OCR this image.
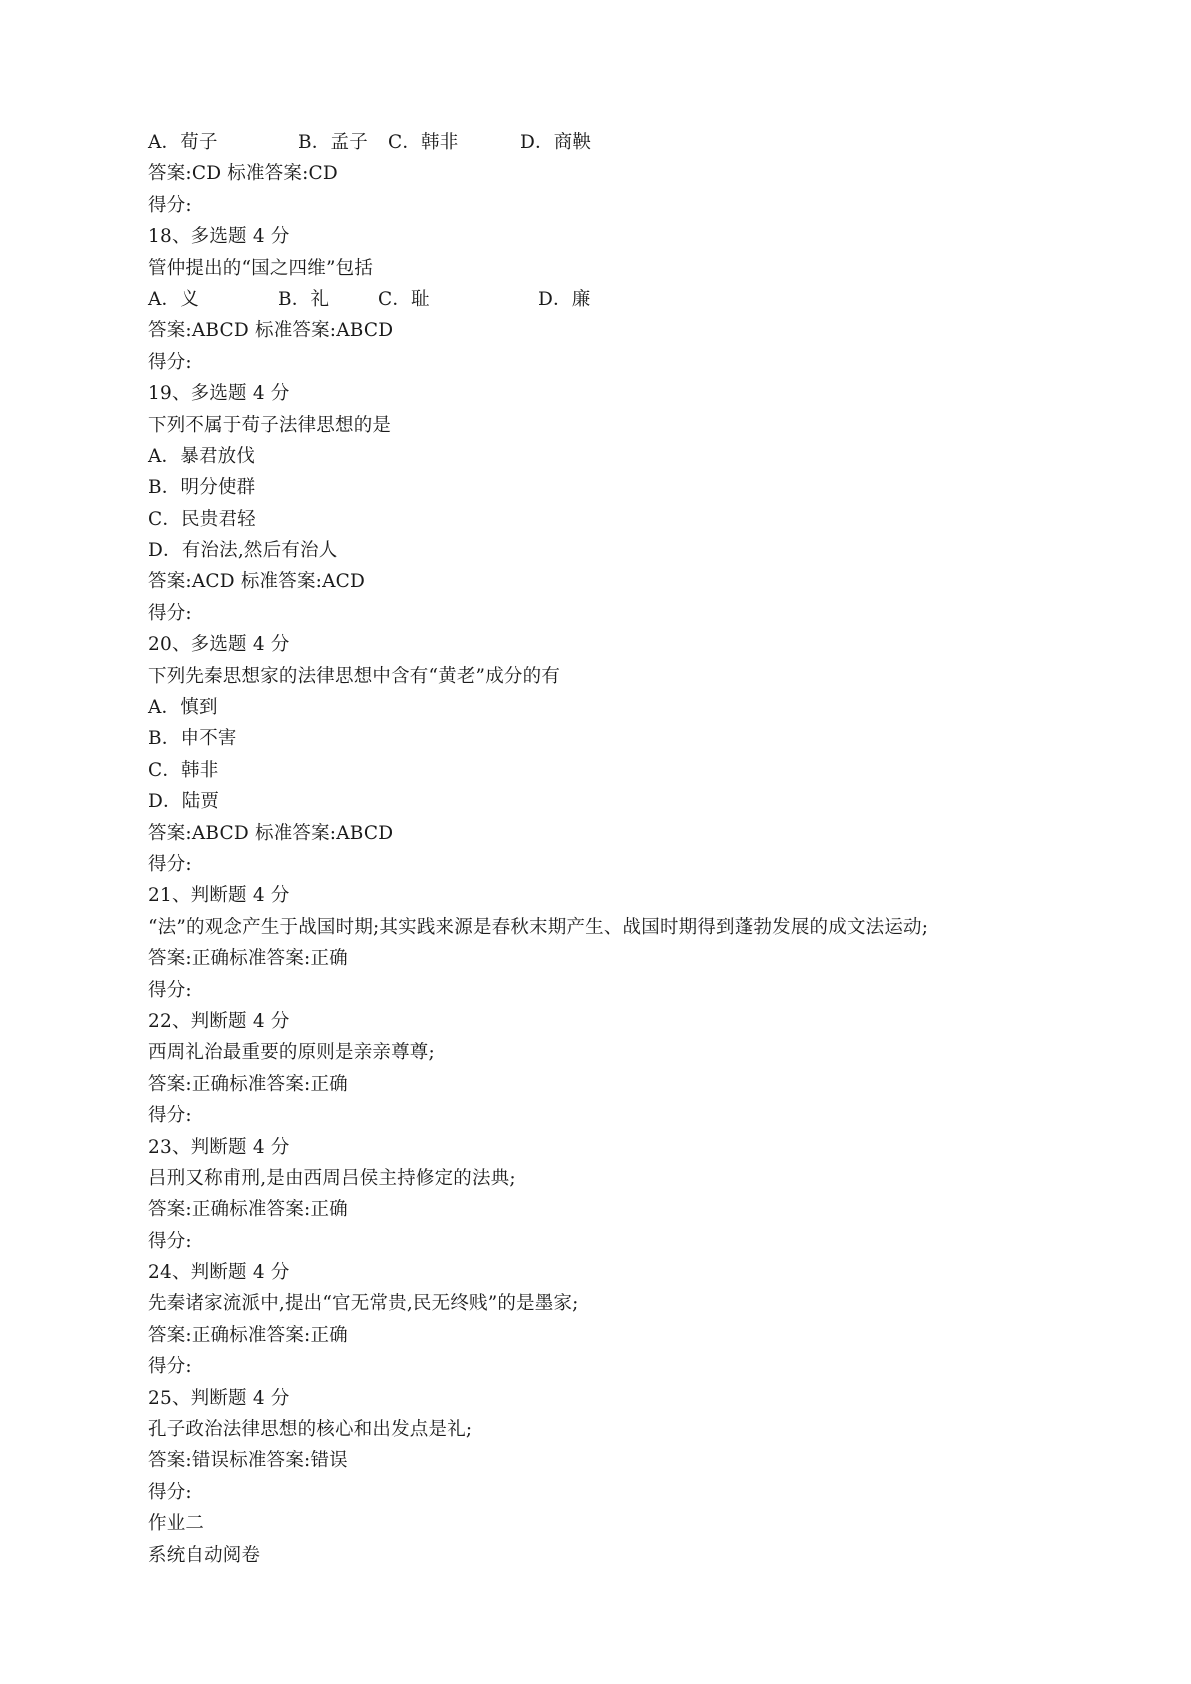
A．荀子

	B．孟子

C．韩非

	D．商鞅

答案:CD 标准答案:CD
得分:
18、多选题 4 分
管仲提出的“国之四维”包括

A．义

	B．礼

	C．耻

	D．廉

答案:ABCD 标准答案:ABCD
得分:
19、多选题 4 分
下列不属于荀子法律思想的是
A．暴君放伐
B．明分使群
C．民贵君轻
D．有治法,然后有治人
答案:ACD 标准答案:ACD
得分:
20、多选题 4 分
下列先秦思想家的法律思想中含有“黄老”成分的有
A．慎到
B．申不害
C．韩非
D．陆贾
答案:ABCD 标准答案:ABCD
得分:
21、判断题 4 分
“法”的观念产生于战国时期;其实践来源是春秋末期产生、战国时期得到蓬勃发展的成文法运动;
答案:正确标准答案:正确
得分:
22、判断题 4 分
西周礼治最重要的原则是亲亲尊尊;
答案:正确标准答案:正确
得分:
23、判断题 4 分
吕刑又称甫刑,是由西周吕侯主持修定的法典;
答案:正确标准答案:正确
得分:
24、判断题 4 分
先秦诸家流派中,提出“官无常贵,民无终贱”的是墨家;
答案:正确标准答案:正确
得分:
25、判断题 4 分
孔子政治法律思想的核心和出发点是礼;
答案:错误标准答案:错误
得分:
作业二
系统自动阅卷
